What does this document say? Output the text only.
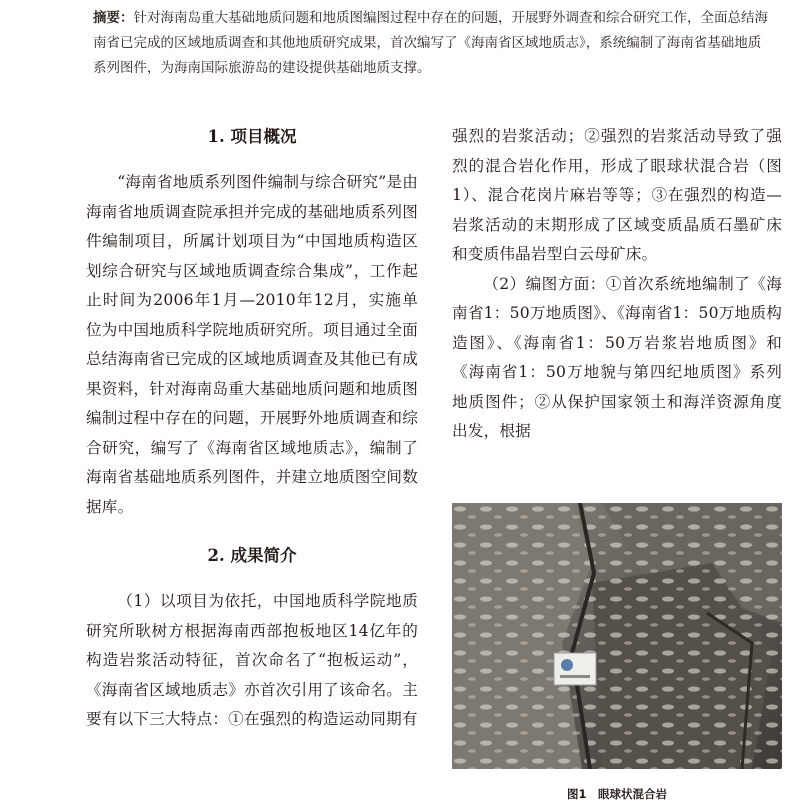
摘要：针对海南岛重大基础地质问题和地质图编图过程中存在的问题，开展野外调查和综合研究工作，全面总结海南省已完成的区域地质调查和其他地质研究成果，首次编写了《海南省区域地质志》，系统编制了海南省基础地质系列图件，为海南国际旅游岛的建设提供基础地质支撑。
1. 项目概况

“海南省地质系列图件编制与综合研究”是由海南省地质调查院承担并完成的基础地质系列图件编制项目，所属计划项目为“中国地质构造区划综合研究与区域地质调查综合集成”，工作起止时间为2006年1月—2010年12月，实施单位为中国地质科学院地质研究所。项目通过全面总结海南省已完成的区域地质调查及其他已有成果资料，针对海南岛重大基础地质问题和地质图编制过程中存在的问题，开展野外地质调查和综合研究，编写了《海南省区域地质志》，编制了海南省基础地质系列图件，并建立地质图空间数据库。

2. 成果简介

（1）以项目为依托，中国地质科学院地质研究所耿树方根据海南西部抱板地区14亿年的构造岩浆活动特征，首次命名了“抱板运动”，《海南省区域地质志》亦首次引用了该命名。主要有以下三大特点：①在强烈的构造运动同期有

强烈的岩浆活动；②强烈的岩浆活动导致了强烈的混合岩化作用，形成了眼球状混合岩（图1）、混合花岗片麻岩等等；③在强烈的构造—岩浆活动的末期形成了区域变质晶质石墨矿床和变质伟晶岩型白云母矿床。

（2）编图方面：①首次系统地编制了《海南省1：50万地质图》、《海南省1：50万地质构造图》、《海南省1：50万岩浆岩地质图》和《海南省1：50万地貌与第四纪地质图》系列地质图件；②从保护国家领土和海洋资源角度出发，根据

图1　眼球状混合岩
